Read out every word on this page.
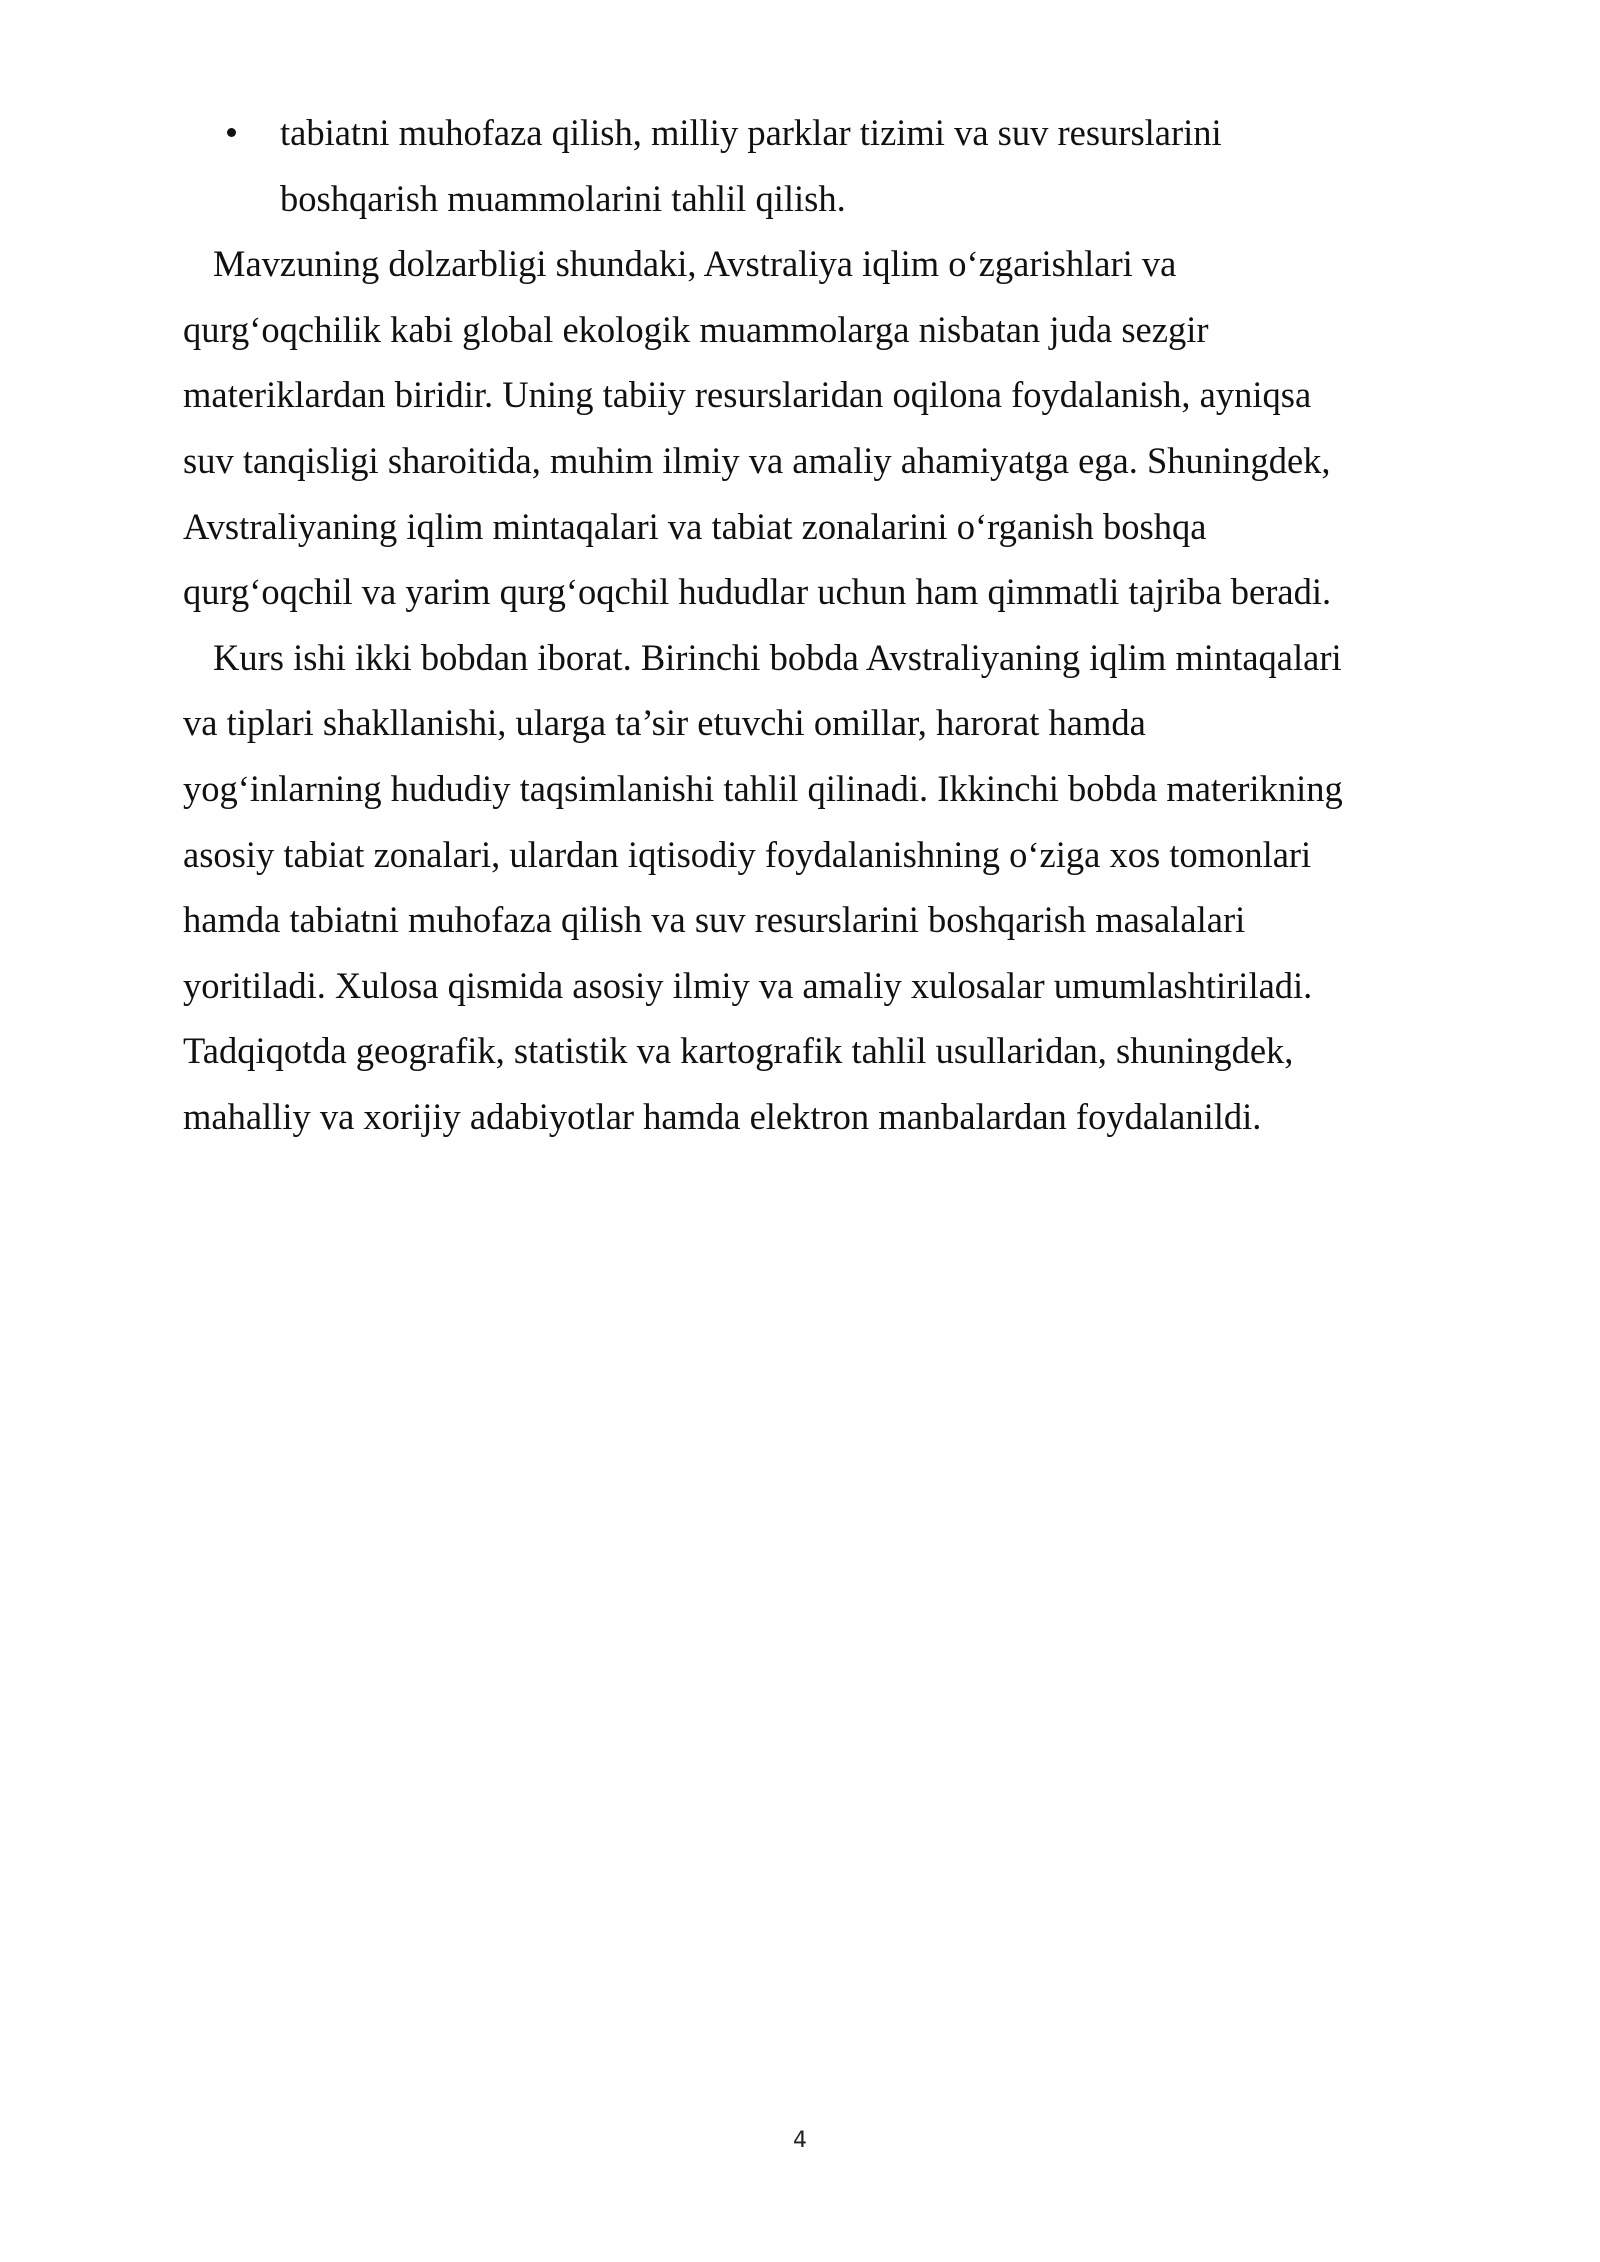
tabiatni muhofaza qilish, milliy parklar tizimi va suv resurslarini
boshqarish muammolarini tahlil qilish.
Mavzuning dolzarbligi shundaki, Avstraliya iqlim o‘zgarishlari va
qurg‘oqchilik kabi global ekologik muammolarga nisbatan juda sezgir
materiklardan biridir. Uning tabiiy resurslaridan oqilona foydalanish, ayniqsa
suv tanqisligi sharoitida, muhim ilmiy va amaliy ahamiyatga ega. Shuningdek,
Avstraliyaning iqlim mintaqalari va tabiat zonalarini o‘rganish boshqa
qurg‘oqchil va yarim qurg‘oqchil hududlar uchun ham qimmatli tajriba beradi.
Kurs ishi ikki bobdan iborat. Birinchi bobda Avstraliyaning iqlim mintaqalari
va tiplari shakllanishi, ularga ta’sir etuvchi omillar, harorat hamda
yog‘inlarning hududiy taqsimlanishi tahlil qilinadi. Ikkinchi bobda materikning
asosiy tabiat zonalari, ulardan iqtisodiy foydalanishning o‘ziga xos tomonlari
hamda tabiatni muhofaza qilish va suv resurslarini boshqarish masalalari
yoritiladi. Xulosa qismida asosiy ilmiy va amaliy xulosalar umumlashtiriladi.
Tadqiqotda geografik, statistik va kartografik tahlil usullaridan, shuningdek,
mahalliy va xorijiy adabiyotlar hamda elektron manbalardan foydalanildi.
4
